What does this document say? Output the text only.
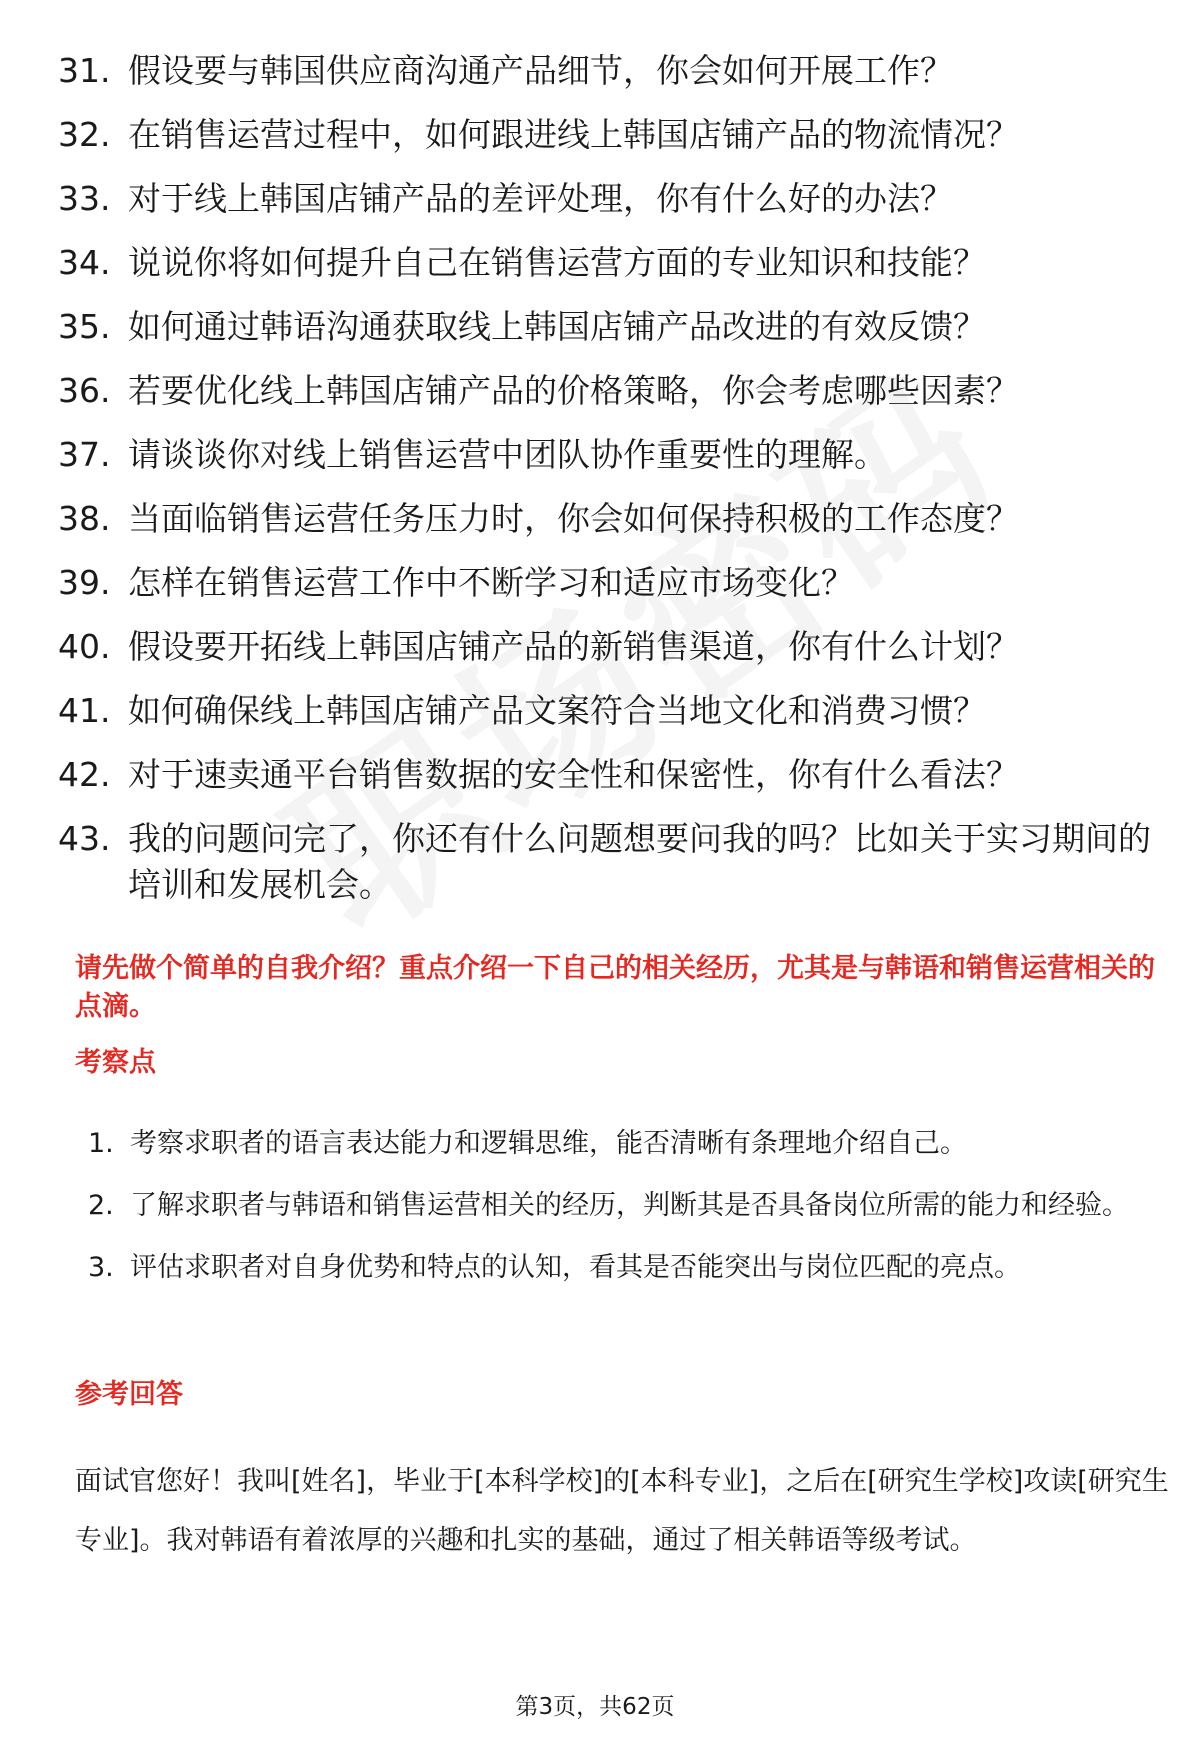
31. 假设要与韩国供应商沟通产品细节，你会如何开展工作？
32. 在销售运营过程中，如何跟进线上韩国店铺产品的物流情况？
33. 对于线上韩国店铺产品的差评处理，你有什么好的办法？
34. 说说你将如何提升自己在销售运营方面的专业知识和技能？
35. 如何通过韩语沟通获取线上韩国店铺产品改进的有效反馈？
36. 若要优化线上韩国店铺产品的价格策略，你会考虑哪些因素？
37. 请谈谈你对线上销售运营中团队协作重要性的理解。
38. 当面临销售运营任务压力时，你会如何保持积极的工作态度？
39. 怎样在销售运营工作中不断学习和适应市场变化？
40. 假设要开拓线上韩国店铺产品的新销售渠道，你有什么计划？
41. 如何确保线上韩国店铺产品文案符合当地文化和消费习惯？
42. 对于速卖通平台销售数据的安全性和保密性，你有什么看法？
43. 我的问题问完了，你还有什么问题想要问我的吗？比如关于实习期间的培训和发展机会。
请先做个简单的自我介绍？重点介绍一下自己的相关经历，尤其是与韩语和销售运营相关的点滴。
考察点
1. 考察求职者的语言表达能力和逻辑思维，能否清晰有条理地介绍自己。
2. 了解求职者与韩语和销售运营相关的经历，判断其是否具备岗位所需的能力和经验。
3. 评估求职者对自身优势和特点的认知，看其是否能突出与岗位匹配的亮点。
参考回答

面试官您好！我叫[姓名]，毕业于[本科学校]的[本科专业]，之后在[研究生学校]攻读[研究生专业]。我对韩语有着浓厚的兴趣和扎实的基础，通过了相关韩语等级考试。

第3页，共62页
